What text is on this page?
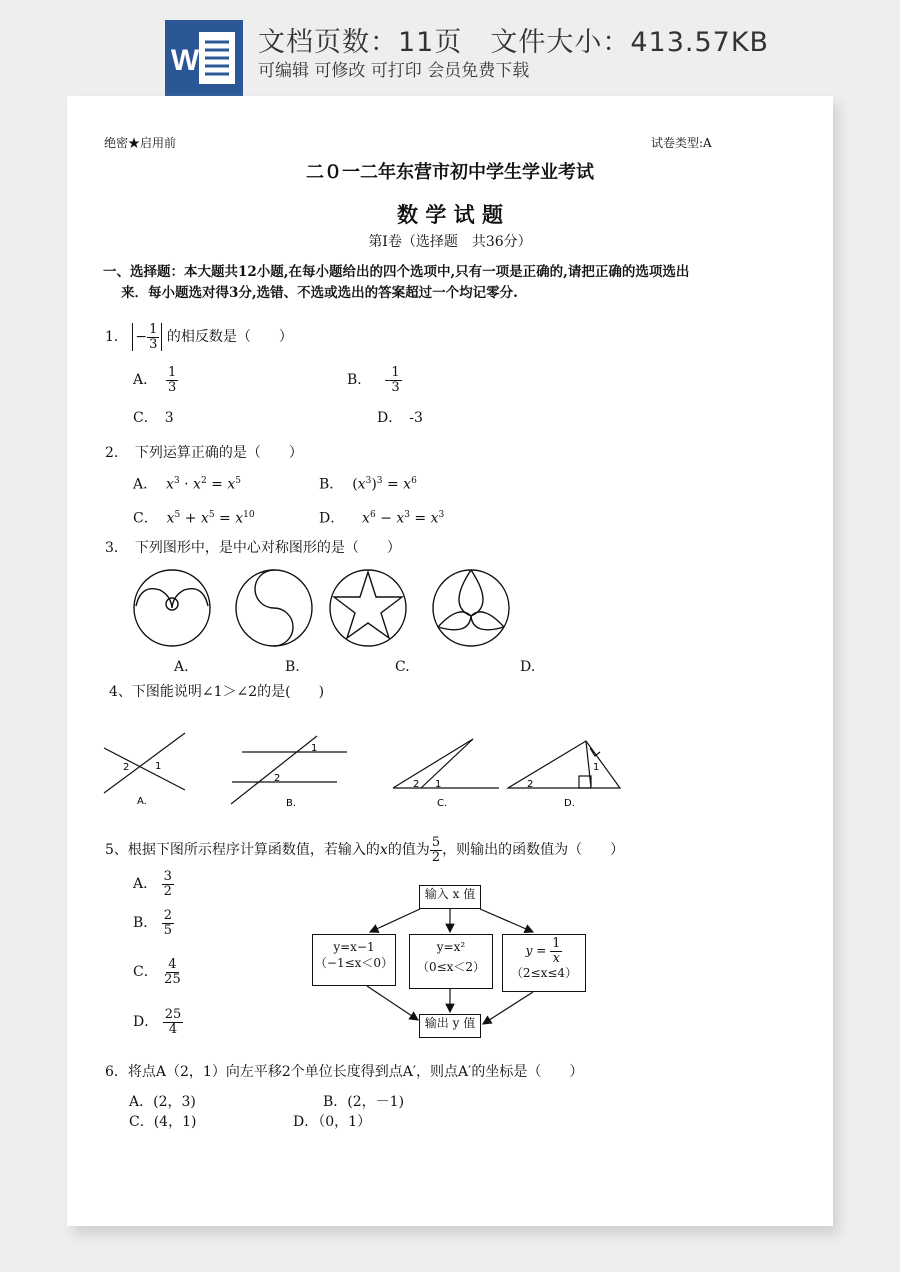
W
文档页数：11页　文件大小：413.57KB
可编辑 可修改 可打印 会员免费下载
绝密★启用前	试卷类型:A
二０一二年东营市初中学生学业考试
数 学 试 题
第Ⅰ卷（选择题　共36分）
一、选择题：本大题共12小题,在每小题给出的四个选项中,只有一项是正确的,请把正确的选项选出
来．每小题选对得3分,选错、不选或选出的答案超过一个均记零分.
1． − $\frac{1}{3}$ 的相反数是（　　）
A． $\frac{1}{3}$	B． - $\frac{1}{3}$
C．　3	D．　-3
2．　下列运算正确的是（　　）
A． $x^3 \cdot x^2 = x^5$	B．  $(x^3)^3 = x^6$
C． $x^5 + x^5 = x^{10}$	D． $x^6 - x^3 = x^3$
3．　下列图形中，是中心对称图形的是（　　）
A.	B.	C.	D.
4、下图能说明∠1＞∠2的是(　　)
2	1
A.
1
2
B.
2 1
C.
2
1
D.
5、根据下图所示程序计算函数值，若输入的x的值为 $\frac{5}{2}$ ，则输出的函数值为（　　）
A． $\frac{3}{2}$
B． $\frac{2}{5}$
C． $\frac{4}{25}$
D． $\frac{25}{4}$
输入 x 值
y=x−1
（−1≤x＜0）
y=x²
（0≤x＜2）
$y = \frac{1}{x}$
（2≤x≤4）
输出 y 值
6．将点A（2，1）向左平移2个单位长度得到点A′，则点A′的坐标是（　　）
A．(2，3)	B．(2，－1)
C．(4，1)	D．（0，1）
